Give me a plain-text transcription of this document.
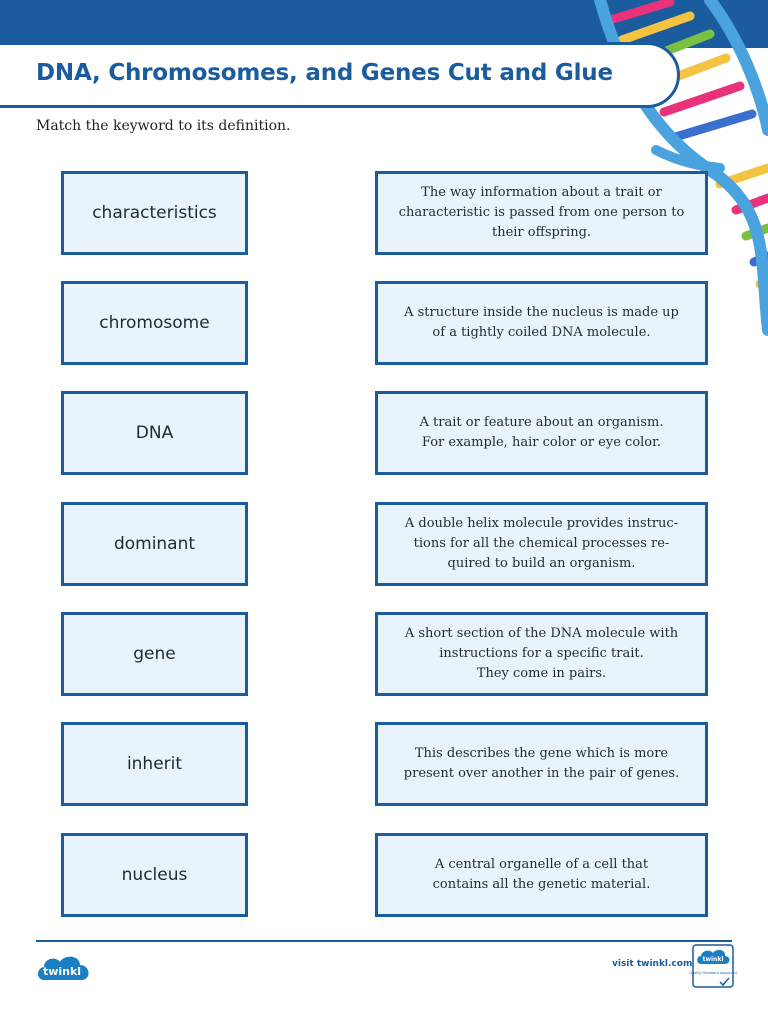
DNA, Chromosomes, and Genes Cut and Glue

Match the keyword to its definition.

characteristics
chromosome
DNA
dominant
gene
inherit
nucleus
The way information about a trait or
characteristic is passed from one person to
their offspring.
A structure inside the nucleus is made up
of a tightly coiled DNA molecule.
A trait or feature about an organism.
For example, hair color or eye color.
A double helix molecule provides instruc-
tions for all the chemical processes re-
quired to build an organism.
A short section of the DNA molecule with
instructions for a specific trait.
They come in pairs.
This describes the gene which is more
present over another in the pair of genes.
A central organelle of a cell that
contains all the genetic material.
twinkl
visit twinkl.com twinkl
Quality Standard Approved
